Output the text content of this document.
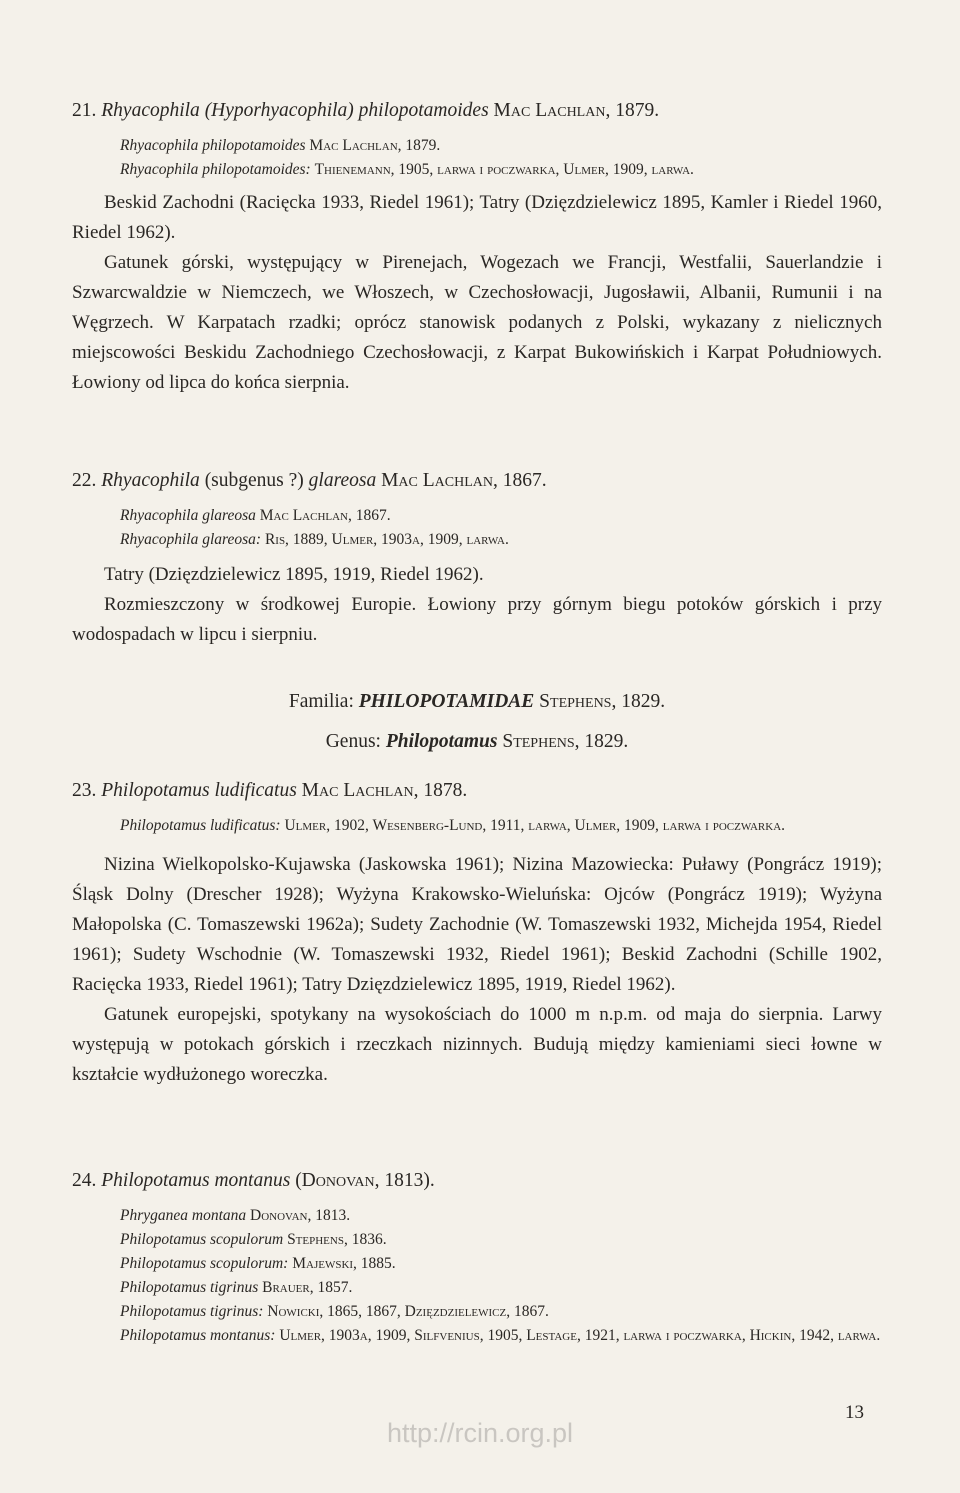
21. Rhyacophila (Hyporhyacophila) philopotamoides Mac Lachlan, 1879.

Rhyacophila philopotamoides Mac Lachlan, 1879.

Rhyacophila philopotamoides: Thienemann, 1905, larwa i poczwarka, Ulmer, 1909, larwa.

Beskid Zachodni (Racięcka 1933, Riedel 1961); Tatry (Dzięzdzielewicz 1895, Kamler i Riedel 1960, Riedel 1962).

Gatunek górski, występujący w Pirenejach, Wogezach we Francji, Westfalii, Sauerlandzie i Szwarcwaldzie w Niemczech, we Włoszech, w Czechosłowacji, Jugosławii, Albanii, Rumunii i na Węgrzech. W Karpatach rzadki; oprócz stanowisk podanych z Polski, wykazany z nielicznych miejscowości Beskidu Zachodniego Czechosłowacji, z Karpat Bukowińskich i Karpat Południowych. Łowiony od lipca do końca sierpnia.

22. Rhyacophila (subgenus ?) glareosa Mac Lachlan, 1867.

Rhyacophila glareosa Mac Lachlan, 1867.

Rhyacophila glareosa: Ris, 1889, Ulmer, 1903a, 1909, larwa.

Tatry (Dzięzdzielewicz 1895, 1919, Riedel 1962).

Rozmieszczony w środkowej Europie. Łowiony przy górnym biegu potoków górskich i przy wodospadach w lipcu i sierpniu.

Familia: PHILOPOTAMIDAE Stephens, 1829.

Genus: Philopotamus Stephens, 1829.

23. Philopotamus ludificatus Mac Lachlan, 1878.

Philopotamus ludificatus: Ulmer, 1902, Wesenberg-Lund, 1911, larwa, Ulmer, 1909, larwa i poczwarka.

Nizina Wielkopolsko-Kujawska (Jaskowska 1961); Nizina Mazowiecka: Puławy (Pongrácz 1919); Śląsk Dolny (Drescher 1928); Wyżyna Krakowsko-Wieluńska: Ojców (Pongrácz 1919); Wyżyna Małopolska (C. Tomaszewski 1962a); Sudety Zachodnie (W. Tomaszewski 1932, Michejda 1954, Riedel 1961); Sudety Wschodnie (W. Tomaszewski 1932, Riedel 1961); Beskid Zachodni (Schille 1902, Racięcka 1933, Riedel 1961); Tatry Dzięzdzielewicz 1895, 1919, Riedel 1962).

Gatunek europejski, spotykany na wysokościach do 1000 m n.p.m. od maja do sierpnia. Larwy występują w potokach górskich i rzeczkach nizinnych. Budują między kamieniami sieci łowne w kształcie wydłużonego woreczka.

24. Philopotamus montanus (Donovan, 1813).

Phryganea montana Donovan, 1813.

Philopotamus scopulorum Stephens, 1836.

Philopotamus scopulorum: Majewski, 1885.

Philopotamus tigrinus Brauer, 1857.

Philopotamus tigrinus: Nowicki, 1865, 1867, Dzięzdzielewicz, 1867.

Philopotamus montanus: Ulmer, 1903a, 1909, Silfvenius, 1905, Lestage, 1921, larwa i poczwarka, Hickin, 1942, larwa.

13
http://rcin.org.pl
